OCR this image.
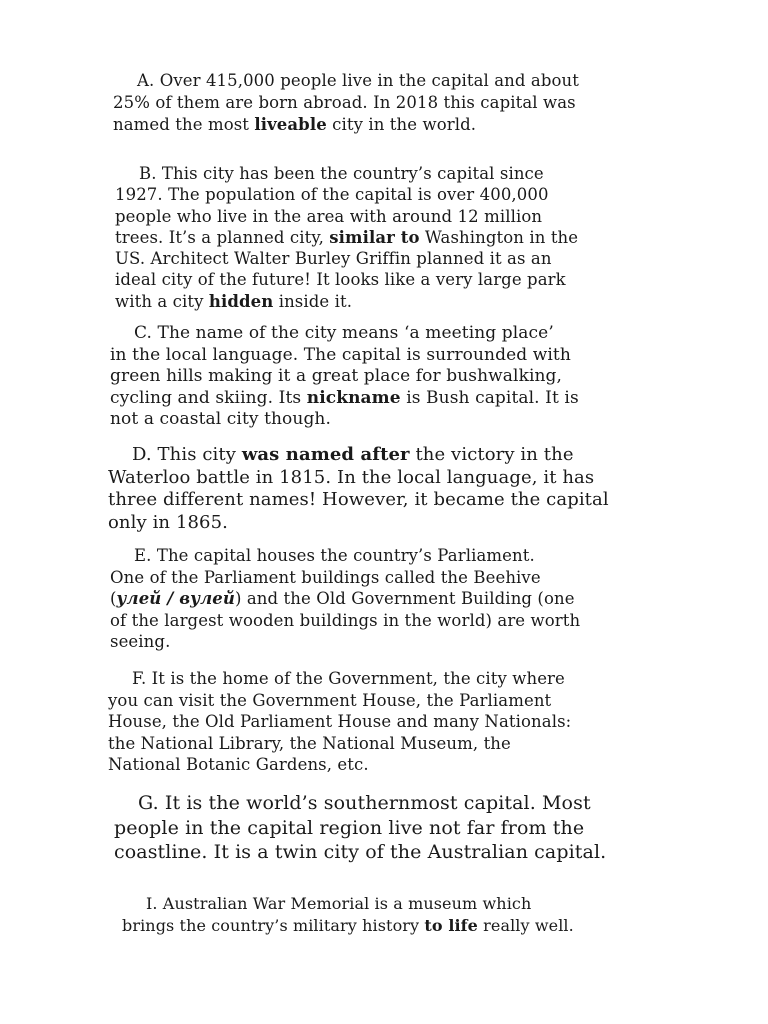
A. Over 415,000 people live in the capital and about
25% of them are born abroad. In 2018 this capital was
named the most liveable city in the world.

B. This city has been the country’s capital since
1927. The population of the capital is over 400,000
people who live in the area with around 12 million
trees. It’s a planned city, similar to Washington in the
US. Architect Walter Burley Griffin planned it as an
ideal city of the future! It looks like a very large park
with a city hidden inside it.

C. The name of the city means ‘a meeting place’
in the local language. The capital is surrounded with
green hills making it a great place for bushwalking,
cycling and skiing. Its nickname is Bush capital. It is
not a coastal city though.

D. This city was named after the victory in the
Waterloo battle in 1815. In the local language, it has
three different names! However, it became the capital
only in 1865.

E. The capital houses the country’s Parliament.
One of the Parliament buildings called the Beehive
(улей / вулей) and the Old Government Building (one
of the largest wooden buildings in the world) are worth
seeing.

F. It is the home of the Government, the city where
you can visit the Government House, the Parliament
House, the Old Parliament House and many Nationals:
the National Library, the National Museum, the
National Botanic Gardens, etc.

G. It is the world’s southernmost capital. Most
people in the capital region live not far from the
coastline. It is a twin city of the Australian capital.

I. Australian War Memorial is a museum which
brings the country’s military history to life really well.
